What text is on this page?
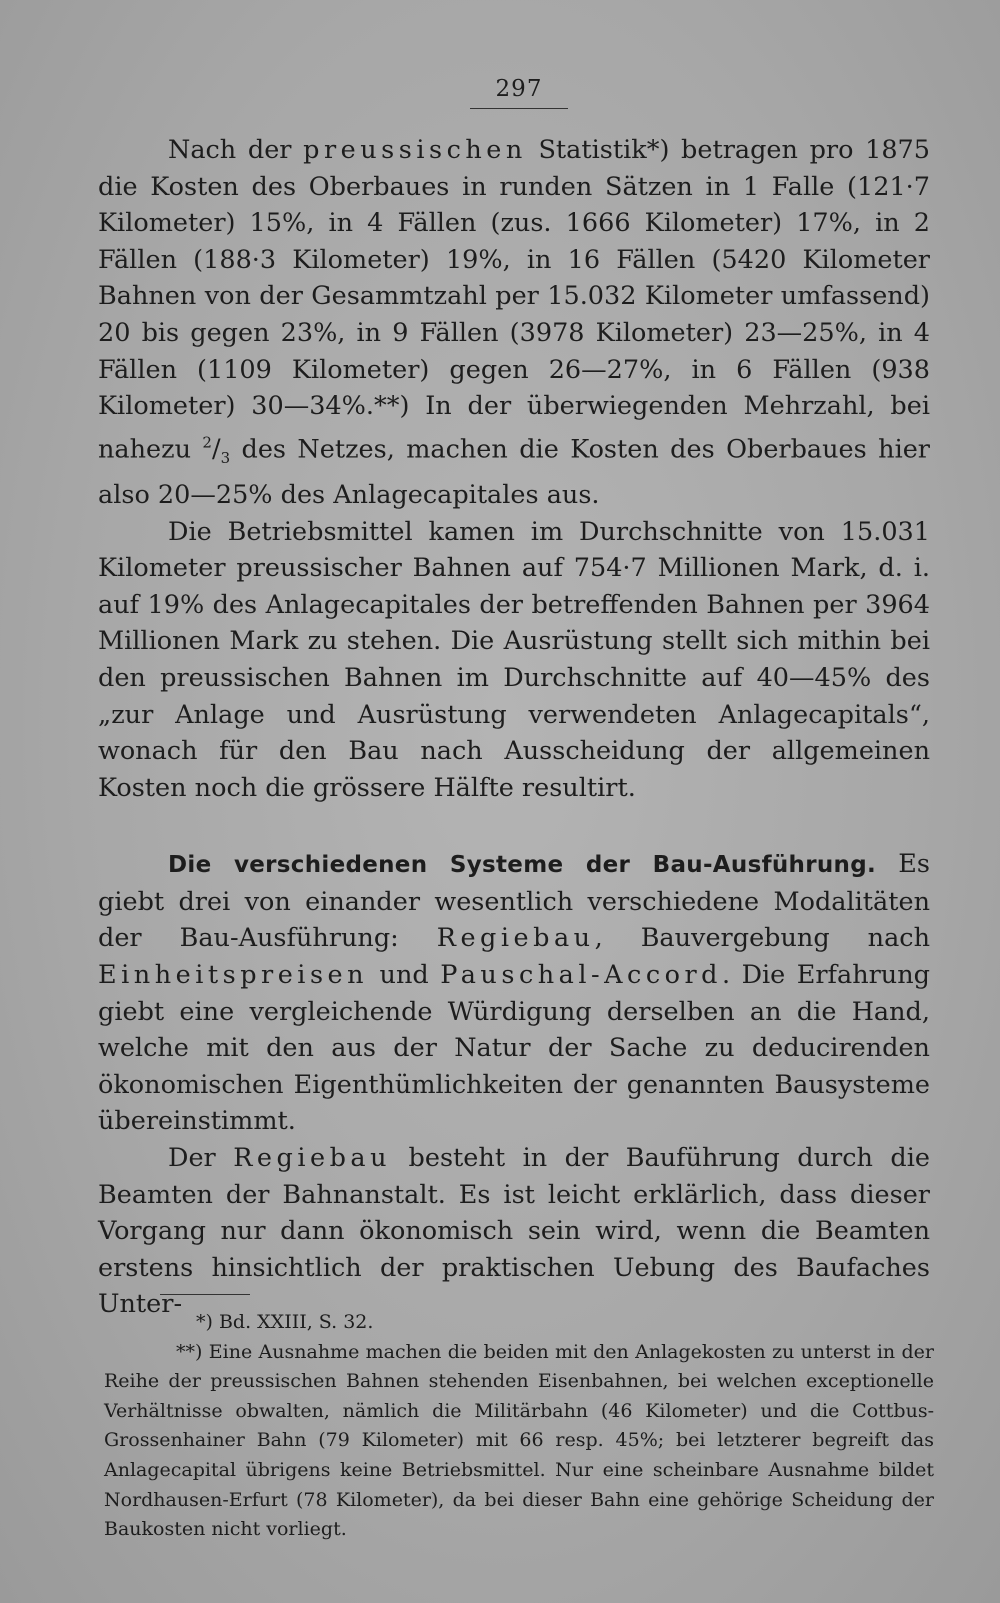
297

Nach der preussischen Statistik*) betragen pro 1875 die Kosten des Oberbaues in runden Sätzen in 1 Falle (121·7 Kilometer) 15%, in 4 Fällen (zus. 1666 Kilometer) 17%, in 2 Fällen (188·3 Kilometer) 19%, in 16 Fällen (5420 Kilometer Bahnen von der Gesammtzahl per 15.032 Kilometer umfassend) 20 bis gegen 23%, in 9 Fällen (3978 Kilometer) 23—25%, in 4 Fällen (1109 Kilometer) gegen 26—27%, in 6 Fällen (938 Kilometer) 30—34%.**) In der überwiegenden Mehrzahl, bei nahezu $^2/_3$ des Netzes, machen die Kosten des Oberbaues hier also 20—25% des Anlagecapitales aus.

Die Betriebsmittel kamen im Durchschnitte von 15.031 Kilometer preussischer Bahnen auf 754·7 Millionen Mark, d. i. auf 19% des Anlagecapitales der betreffenden Bahnen per 3964 Millionen Mark zu stehen. Die Ausrüstung stellt sich mithin bei den preussischen Bahnen im Durchschnitte auf 40—45% des „zur Anlage und Ausrüstung verwendeten Anlagecapitals“, wonach für den Bau nach Ausscheidung der allgemeinen Kosten noch die grössere Hälfte resultirt.

Die verschiedenen Systeme der Bau-Ausführung. Es giebt drei von einander wesentlich verschiedene Modalitäten der Bau-Ausführung: Regiebau, Bauvergebung nach Einheitspreisen und Pauschal-Accord. Die Erfahrung giebt eine vergleichende Würdigung derselben an die Hand, welche mit den aus der Natur der Sache zu deducirenden ökonomischen Eigenthümlichkeiten der genannten Bausysteme übereinstimmt.

Der Regiebau besteht in der Bauführung durch die Beamten der Bahnanstalt. Es ist leicht erklärlich, dass dieser Vorgang nur dann ökonomisch sein wird, wenn die Beamten erstens hinsichtlich der praktischen Uebung des Baufaches Unter-

*) Bd. XXIII, S. 32.

**) Eine Ausnahme machen die beiden mit den Anlagekosten zu unterst in der Reihe der preussischen Bahnen stehenden Eisenbahnen, bei welchen exceptionelle Verhältnisse obwalten, nämlich die Militärbahn (46 Kilometer) und die Cottbus-Grossenhainer Bahn (79 Kilometer) mit 66 resp. 45%; bei letzterer begreift das Anlagecapital übrigens keine Betriebsmittel. Nur eine scheinbare Ausnahme bildet Nordhausen-Erfurt (78 Kilometer), da bei dieser Bahn eine gehörige Scheidung der Baukosten nicht vorliegt.
